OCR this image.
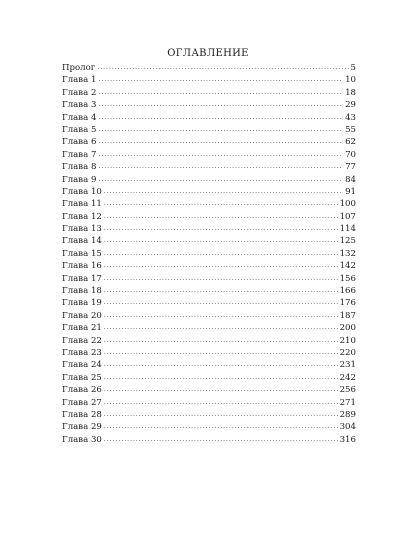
ОГЛАВЛЕНИЕ
Пролог .....	5
Глава 1 .....	10
Глава 2 .....	18
Глава 3 .....	29
Глава 4 .....	43
Глава 5 .....	55
Глава 6 .....	62
Глава 7 .....	70
Глава 8 .....	77
Глава 9 .....	84
Глава 10 .....	91
Глава 11 .....	100
Глава 12 .....	107
Глава 13 .....	114
Глава 14 .....	125
Глава 15 .....	132
Глава 16 .....	142
Глава 17 .....	156
Глава 18 .....	166
Глава 19 .....	176
Глава 20 .....	187
Глава 21 .....	200
Глава 22 .....	210
Глава 23 .....	220
Глава 24 .....	231
Глава 25 .....	242
Глава 26 .....	256
Глава 27 .....	271
Глава 28 .....	289
Глава 29 .....	304
Глава 30 .....	316
